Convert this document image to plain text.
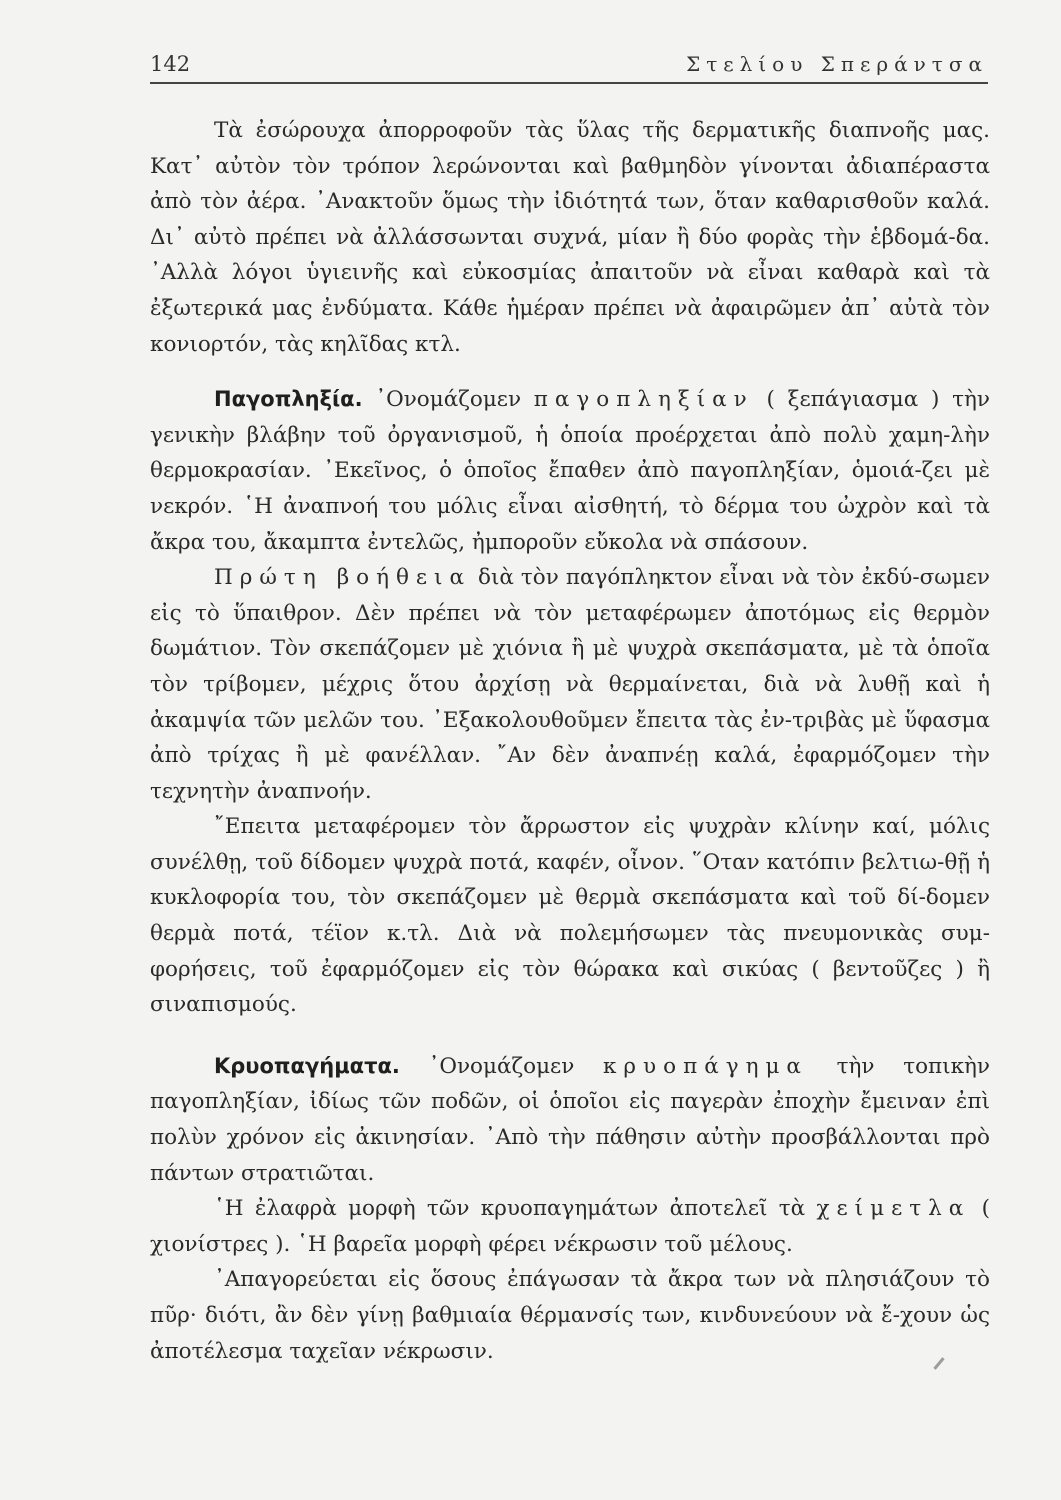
142	Στελίου Σπεράντσα

Τὰ ἐσώρουχα ἀπορροφοῦν τὰς ὕλας τῆς δερματικῆς διαπνοῆς μας. Κατ᾽ αὐτὸν τὸν τρόπον λερώνονται καὶ βαθμηδὸν γίνονται ἀδιαπέραστα ἀπὸ τὸν ἀέρα. ᾽Ανακτοῦν ὅμως τὴν ἰδιότητά των, ὅταν καθαρισθοῦν καλά. Δι᾽ αὐτὸ πρέπει νὰ ἀλλάσσωνται συχνά, μίαν ἢ δύο φορὰς τὴν ἑβδομά-δα. ᾽Αλλὰ λόγοι ὑγιεινῆς καὶ εὐκοσμίας ἀπαιτοῦν νὰ εἶναι καθαρὰ καὶ τὰ ἐξωτερικά μας ἐνδύματα. Κάθε ἡμέραν πρέπει νὰ ἀφαιρῶμεν ἀπ᾽ αὐτὰ τὸν κονιορτόν, τὰς κηλῖδας κτλ.

Παγοπληξία. ᾽Ονομάζομεν παγοπληξίαν ( ξεπάγιασμα ) τὴν γενικὴν βλάβην τοῦ ὀργανισμοῦ, ἡ ὁποία προέρχεται ἀπὸ πολὺ χαμη-λὴν θερμοκρασίαν. ᾽Εκεῖνος, ὁ ὁποῖος ἔπαθεν ἀπὸ παγοπληξίαν, ὁμοιά-ζει μὲ νεκρόν. ῾Η ἀναπνοή του μόλις εἶναι αἰσθητή, τὸ δέρμα του ὠχρὸν καὶ τὰ ἄκρα του, ἄκαμπτα ἐντελῶς, ἠμποροῦν εὔκολα νὰ σπάσουν.

Πρώτη βοήθεια διὰ τὸν παγόπληκτον εἶναι νὰ τὸν ἐκδύ-σωμεν εἰς τὸ ὕπαιθρον. Δὲν πρέπει νὰ τὸν μεταφέρωμεν ἀποτόμως εἰς θερμὸν δωμάτιον. Τὸν σκεπάζομεν μὲ χιόνια ἢ μὲ ψυχρὰ σκεπάσματα, μὲ τὰ ὁποῖα τὸν τρίβομεν, μέχρις ὅτου ἀρχίσῃ νὰ θερμαίνεται, διὰ νὰ λυθῇ καὶ ἡ ἀκαμψία τῶν μελῶν του. ᾽Εξακολουθοῦμεν ἔπειτα τὰς ἐν-τριβὰς μὲ ὕφασμα ἀπὸ τρίχας ἢ μὲ φανέλλαν. ῎Αν δὲν ἀναπνέῃ καλά, ἐφαρμόζομεν τὴν τεχνητὴν ἀναπνοήν.

῎Επειτα μεταφέρομεν τὸν ἄρρωστον εἰς ψυχρὰν κλίνην καί, μόλις συνέλθῃ, τοῦ δίδομεν ψυχρὰ ποτά, καφέν, οἶνον. ῞Οταν κατόπιν βελτιω-θῇ ἡ κυκλοφορία του, τὸν σκεπάζομεν μὲ θερμὰ σκεπάσματα καὶ τοῦ δί-δομεν θερμὰ ποτά, τέϊον κ.τλ. Διὰ νὰ πολεμήσωμεν τὰς πνευμονικὰς συμ-φορήσεις, τοῦ ἐφαρμόζομεν εἰς τὸν θώρακα καὶ σικύας ( βεντοῦζες ) ἢ σιναπισμούς.

Κρυοπαγήματα. ᾽Ονομάζομεν κρυοπάγημα τὴν τοπικὴν παγοπληξίαν, ἰδίως τῶν ποδῶν, οἱ ὁποῖοι εἰς παγερὰν ἐποχὴν ἔμειναν ἐπὶ πολὺν χρόνον εἰς ἀκινησίαν. ᾽Απὸ τὴν πάθησιν αὐτὴν προσβάλλονται πρὸ πάντων στρατιῶται.

῾Η ἐλαφρὰ μορφὴ τῶν κρυοπαγημάτων ἀποτελεῖ τὰ χείμετλα ( χιονίστρες ). ῾Η βαρεῖα μορφὴ φέρει νέκρωσιν τοῦ μέλους.

᾽Απαγορεύεται εἰς ὅσους ἐπάγωσαν τὰ ἄκρα των νὰ πλησιάζουν τὸ πῦρ· διότι, ἂν δὲν γίνῃ βαθμιαία θέρμανσίς των, κινδυνεύουν νὰ ἔ-χουν ὡς ἀποτέλεσμα ταχεῖαν νέκρωσιν.
